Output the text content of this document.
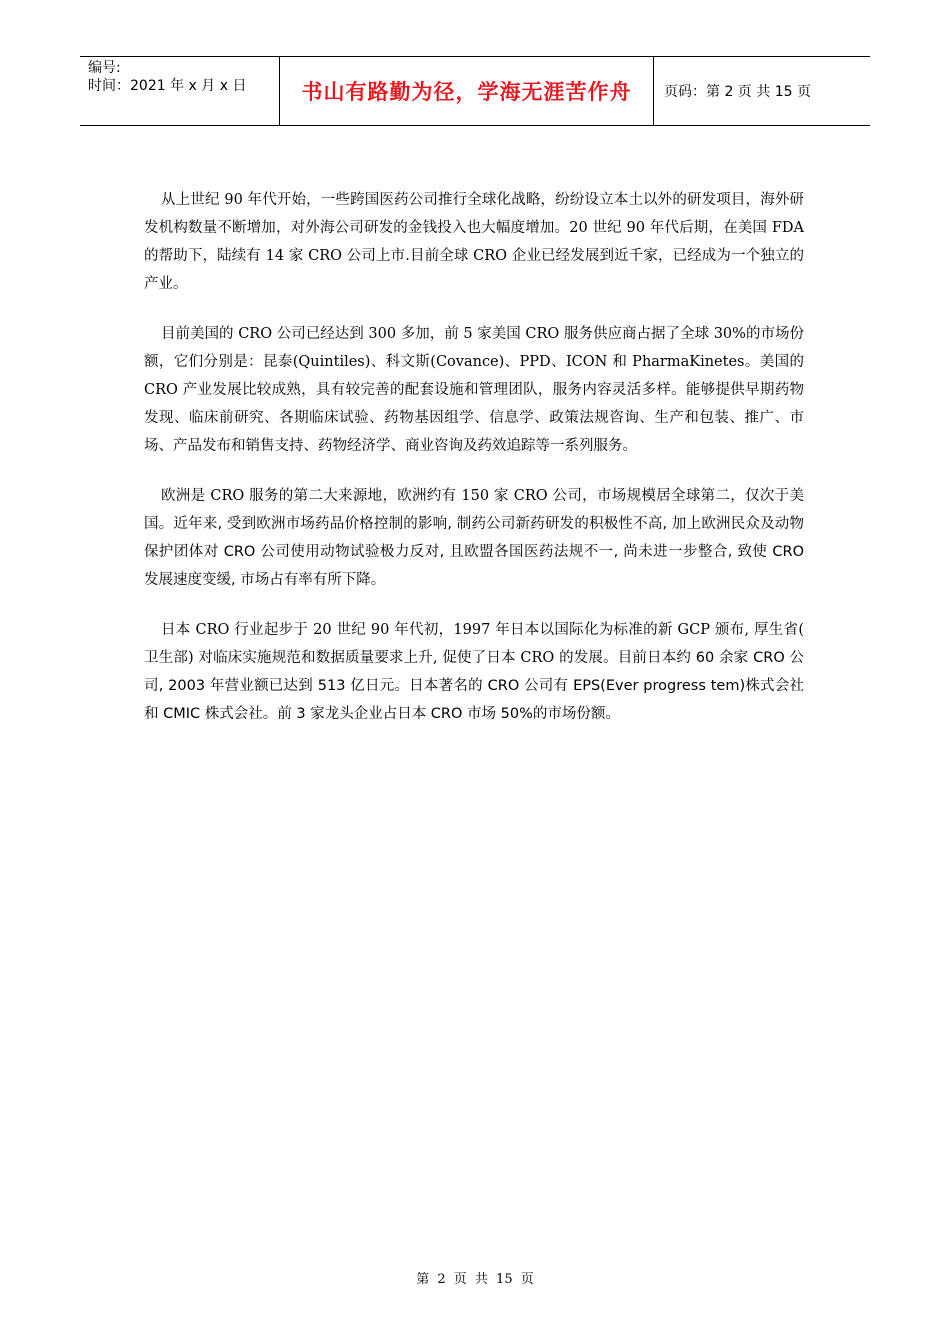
编号:
时间：2021 年 x 月 x 日	书山有路勤为径，学海无涯苦作舟	页码：第 2 页 共 15 页

从上世纪 90 年代开始，一些跨国医药公司推行全球化战略，纷纷设立本土以外的研发项目，海外研发机构数量不断增加，对外海公司研发的金钱投入也大幅度增加。20 世纪 90 年代后期，在美国 FDA 的帮助下，陆续有 14 家 CRO 公司上市.目前全球 CRO 企业已经发展到近千家，已经成为一个独立的产业。

目前美国的 CRO 公司已经达到 300 多加，前 5 家美国 CRO 服务供应商占据了全球 30%的市场份额，它们分别是：昆泰(Quintiles)、科文斯(Covance)、PPD、ICON 和 PharmaKinetes。美国的 CRO 产业发展比较成熟，具有较完善的配套设施和管理团队，服务内容灵活多样。能够提供早期药物发现、临床前研究、各期临床试验、药物基因组学、信息学、政策法规咨询、生产和包装、推广、市场、产品发布和销售支持、药物经济学、商业咨询及药效追踪等一系列服务。

欧洲是 CRO 服务的第二大来源地，欧洲约有 150 家 CRO 公司，市场规模居全球第二，仅次于美国。近年来, 受到欧洲市场药品价格控制的影响, 制药公司新药研发的积极性不高, 加上欧洲民众及动物保护团体对 CRO 公司使用动物试验极力反对, 且欧盟各国医药法规不一, 尚未进一步整合, 致使 CRO 发展速度变缓, 市场占有率有所下降。

日本 CRO 行业起步于 20 世纪 90 年代初，1997 年日本以国际化为标准的新 GCP 颁布, 厚生省( 卫生部) 对临床实施规范和数据质量要求上升, 促使了日本 CRO 的发展。目前日本约 60 余家 CRO 公司, 2003 年营业额已达到 513 亿日元。日本著名的 CRO 公司有 EPS(Ever progress tem)株式会社和 CMIC 株式会社。前 3 家龙头企业占日本 CRO 市场 50%的市场份额。

第 2 页 共 15 页
